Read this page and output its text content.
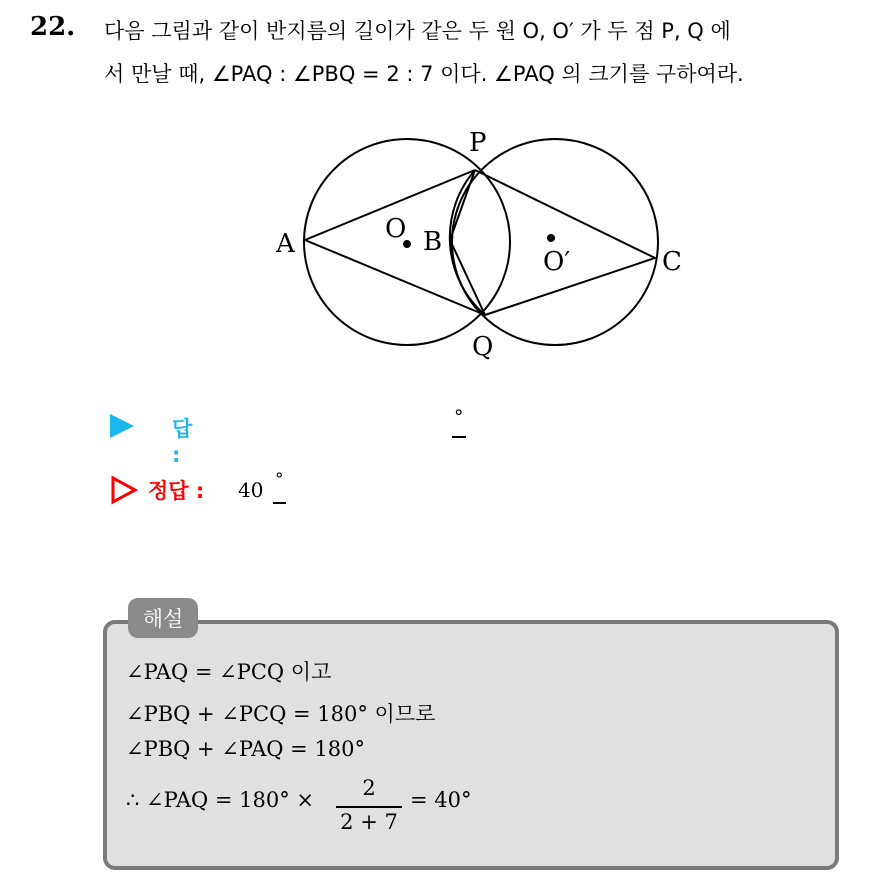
22. 다음 그림과 같이 반지름의 길이가 같은 두 원 O, O′ 가 두 점 P, Q 에
서 만날 때, ∠PAQ : ∠PBQ = 2 : 7 이다. ∠PAQ 의 크기를 구하여라.
P
Q
A	B
C
O
O′
답 :
°
정답 : 40 °
해설
∠PAQ = ∠PCQ 이고
∠PBQ + ∠PCQ = 180° 이므로
∠PBQ + ∠PAQ = 180°
∴ ∠PAQ = 180° ×	2
2 + 7
= 40°
